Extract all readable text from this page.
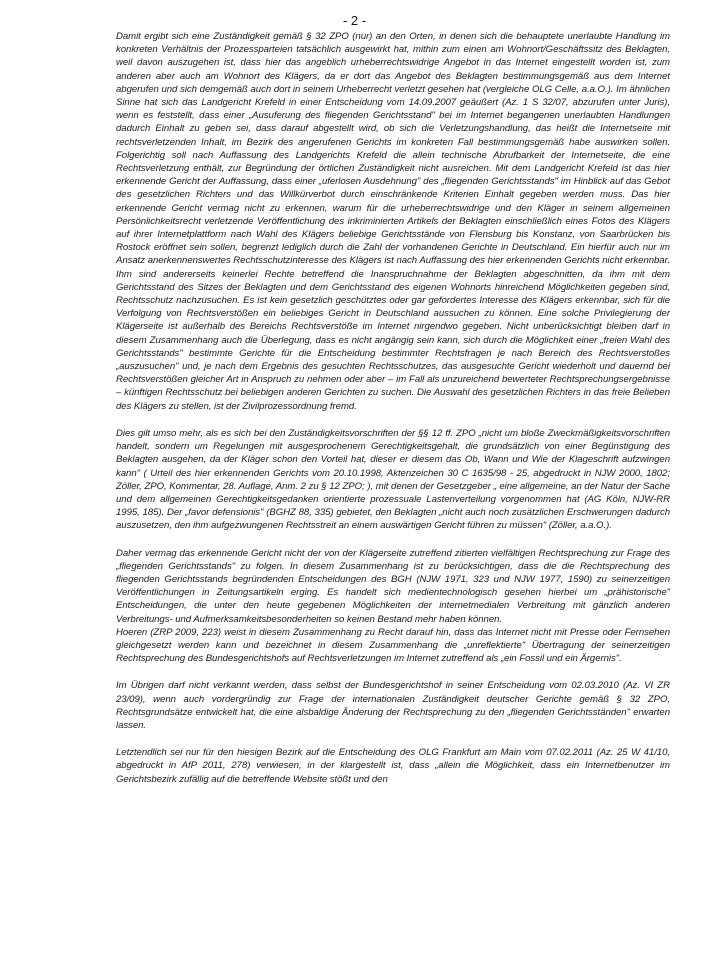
- 2 -

Damit ergibt sich eine Zuständigkeit gemäß § 32 ZPO (nur) an den Orten, in denen sich die behauptete unerlaubte Handlung im konkreten Verhältnis der Prozessparteien tatsächlich ausgewirkt hat, mithin zum einen am Wohnort/Geschäftssitz des Beklagten, weil davon auszugehen ist, dass hier das angeblich urheberrechtswidrige Angebot in das Internet eingestellt worden ist, zum anderen aber auch am Wohnort des Klägers, da er dort das Angebot des Beklagten bestimmungsgemäß aus dem Internet abgerufen und sich demgemäß auch dort in seinem Urheberrecht verletzt gesehen hat (vergleiche OLG Celle, a.a.O.). Im ähnlichen Sinne hat sich das Landgericht Krefeld in einer Entscheidung vom 14.09.2007 geäußert (Az. 1 S 32/07, abzurufen unter Juris), wenn es feststellt, dass einer „Ausuferung des fliegenden Gerichtsstand" bei im Internet begangenen unerlaubten Handlungen dadurch Einhalt zu geben sei, dass darauf abgestellt wird, ob sich die Verletzungshandlung, das heißt die Internetseite mit rechtsverletzenden Inhalt, im Bezirk des angerufenen Gerichts im konkreten Fall bestimmungsgemäß habe auswirken sollen. Folgerichtig soll nach Auffassung des Landgerichts Krefeld die allein technische Abrufbarkeit der Internetseite, die eine Rechtsverletzung enthält, zur Begründung der örtlichen Zuständigkeit nicht ausreichen. Mit dem Landgericht Krefeld ist das hier erkennende Gericht der Auffassung, dass einer „uferlosen Ausdehnung" des „fliegenden Gerichtsstands" im Hinblick auf das Gebot des gesetzlichen Richters und das Willkürverbot durch einschränkende Kriterien Einhalt gegeben werden muss. Das hier erkennende Gericht vermag nicht zu erkennen, warum für die urheberrechtswidrige und den Kläger in seinem allgemeinen Persönlichkeitsrecht verletzende Veröffentlichung des inkriminierten Artikels der Beklagten einschließlich eines Fotos des Klägers auf ihrer Internetplattform nach Wahl des Klägers beliebige Gerichtsstände von Flensburg bis Konstanz, von Saarbrücken bis Rostock eröffnet sein sollen, begrenzt lediglich durch die Zahl der vorhandenen Gerichte in Deutschland. Ein hierfür auch nur im Ansatz anerkennenswertes Rechtsschutzinteresse des Klägers ist nach Auffassung des hier erkennenden Gerichts nicht erkennbar. Ihm sind andererseits keinerlei Rechte betreffend die Inanspruchnahme der Beklagten abgeschnitten, da ihm mit dem Gerichtsstand des Sitzes der Beklagten und dem Gerichtsstand des eigenen Wohnorts hinreichend Möglichkeiten gegeben sind, Rechtsschutz nachzusuchen. Es ist kein gesetzlich geschütztes oder gar gefordertes Interesse des Klägers erkennbar, sich für die Verfolgung von Rechtsverstößen ein beliebiges Gericht in Deutschland aussuchen zu können. Eine solche Privilegierung der Klägerseite ist außerhalb des Bereichs Rechtsverstöße im Internet nirgendwo gegeben. Nicht unberücksichtigt bleiben darf in diesem Zusammenhang auch die Überlegung, dass es nicht angängig sein kann, sich durch die Möglichkeit einer „freien Wahl des Gerichtsstands" bestimmte Gerichte für die Entscheidung bestimmter Rechtsfragen je nach Bereich des Rechtsverstoßes „auszusuchen" und, je nach dem Ergebnis des gesuchten Rechtsschutzes, das ausgesuchte Gericht wiederholt und dauernd bei Rechtsverstößen gleicher Art in Anspruch zu nehmen oder aber – im Fall als unzureichend bewerteter Rechtsprechungsergebnisse – künftigen Rechtsschutz bei beliebigen anderen Gerichten zu suchen. Die Auswahl des gesetzlichen Richters in das freie Belieben des Klägers zu stellen, ist der Zivilprozessordnung fremd.

Dies gilt umso mehr, als es sich bei den Zuständigkeitsvorschriften der §§ 12 ff. ZPO „nicht um bloße Zweckmäßigkeitsvorschriften handelt, sondern um Regelungen mit ausgesprochenem Gerechtigkeitsgehalt, die grundsätzlich von einer Begünstigung des Beklagten ausgehen, da der Kläger schon den Vorteil hat, dieser er diesem das Ob, Wann und Wie der Klageschrift aufzwingen kann" ( Urteil des hier erkennenden Gerichts vom 20.10.1998, Aktenzeichen 30 C 1635/98 - 25, abgedruckt in NJW 2000, 1802; Zöller, ZPO, Kommentar, 28. Auflage, Anm. 2 zu § 12 ZPO; ), mit denen der Gesetzgeber „ eine allgemeine, an der Natur der Sache und dem allgemeinen Gerechtigkeitsgedanken orientierte prozessuale Lastenverteilung vorgenommen hat (AG Köln, NJW-RR 1995, 185). Der „favor defensionis" (BGHZ 88, 335) gebietet, den Beklagten „nicht auch noch zusätzlichen Erschwerungen dadurch auszusetzen, den ihm aufgezwungenen Rechtsstreit an einem auswärtigen Gericht führen zu müssen" (Zöller, a.a.O.).

Daher vermag das erkennende Gericht nicht der von der Klägerseite zutreffend zitierten vielfältigen Rechtsprechung zur Frage des „fliegenden Gerichtsstands" zu folgen. In diesem Zusammenhang ist zu berücksichtigen, dass die die Rechtsprechung des fliegenden Gerichtsstands begründenden Entscheidungen des BGH (NJW 1971, 323 und NJW 1977, 1590) zu seinerzeitigen Veröffentlichungen in Zeitungsartikeln erging. Es handelt sich medientechnologisch gesehen hierbei um „prähistorische" Entscheidungen, die unter den heute gegebenen Möglichkeiten der internetmedialen Verbreitung mit gänzlich anderen Verbreitungs- und Aufmerksamkeitsbesonderheiten so keinen Bestand mehr haben können.

Hoeren (ZRP 2009, 223) weist in diesem Zusammenhang zu Recht darauf hin, dass das Internet nicht mit Presse oder Fernsehen gleichgesetzt werden kann und bezeichnet in diesem Zusammenhang die „unreflektierte" Übertragung der seinerzeitigen Rechtsprechung des Bundesgerichtshofs auf Rechtsverletzungen im Internet zutreffend als „ein Fossil und ein Ärgernis".

Im Übrigen darf nicht verkannt werden, dass selbst der Bundesgerichtshof in seiner Entscheidung vom 02.03.2010 (Az. VI ZR 23/09), wenn auch vordergründig zur Frage der internationalen Zuständigkeit deutscher Gerichte gemäß § 32 ZPO, Rechtsgrundsätze entwickelt hat, die eine alsbaldige Änderung der Rechtsprechung zu den „fliegenden Gerichtsständen" erwarten lassen.

Letztendlich sei nur für den hiesigen Bezirk auf die Entscheidung des OLG Frankfurt am Main vom 07.02.2011 (Az. 25 W 41/10, abgedruckt in AfP 2011, 278) verwiesen, in der klargestellt ist, dass „allein die Möglichkeit, dass ein Internetbenutzer im Gerichtsbezirk zufällig auf die betreffende Website stößt und den
